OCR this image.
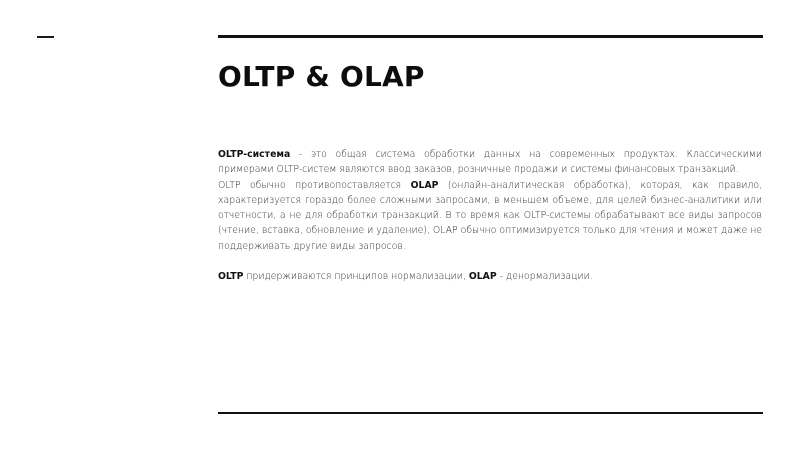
OLTP & OLAP

OLTP-система - это общая система обработки данных на современных продуктах. Классическими примерами OLTP-систем являются ввод заказов, розничные продажи и системы финансовых транзакций.

OLTP обычно противопоставляется OLAP (онлайн-аналитическая обработка), которая, как правило, характеризуется гораздо более сложными запросами, в меньшем объеме, для целей бизнес-аналитики или отчетности, а не для обработки транзакций. В то время как OLTP-системы обрабатывают все виды запросов (чтение, вставка, обновление и удаление), OLAP обычно оптимизируется только для чтения и может даже не поддерживать другие виды запросов.

OLTP придерживаются принципов нормализации, OLAP - денормализации.
